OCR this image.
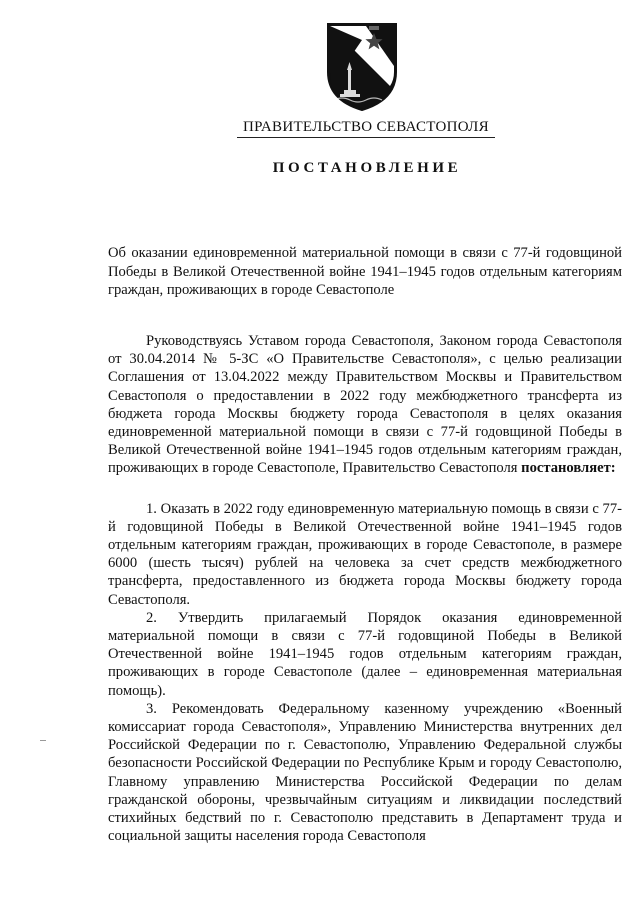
ПРАВИТЕЛЬСТВО СЕВАСТОПОЛЯ
ПОСТАНОВЛЕНИЕ
Об оказании единовременной материальной помощи в связи с 77-й годовщиной Победы в Великой Отечественной войне 1941–1945 годов отдельным категориям граждан, проживающих в городе Севастополе

Руководствуясь Уставом города Севастополя, Законом города Севастополя от 30.04.2014 № 5-ЗС «О Правительстве Севастополя», с целью реализации Соглашения от 13.04.2022 между Правительством Москвы и Правительством Севастополя о предоставлении в 2022 году межбюджетного трансферта из бюджета города Москвы бюджету города Севастополя в целях оказания единовременной материальной помощи в связи с 77-й годовщиной Победы в Великой Отечественной войне 1941–1945 годов отдельным категориям граждан, проживающих в городе Севастополе, Правительство Севастополя постановляет:

1. Оказать в 2022 году единовременную материальную помощь в связи с 77-й годовщиной Победы в Великой Отечественной войне 1941–1945 годов отдельным категориям граждан, проживающих в городе Севастополе, в размере 6000 (шесть тысяч) рублей на человека за счет средств межбюджетного трансферта, предоставленного из бюджета города Москвы бюджету города Севастополя.

2. Утвердить прилагаемый Порядок оказания единовременной материальной помощи в связи с 77-й годовщиной Победы в Великой Отечественной войне 1941–1945 годов отдельным категориям граждан, проживающих в городе Севастополе (далее – единовременная материальная помощь).

3. Рекомендовать Федеральному казенному учреждению «Военный комиссариат города Севастополя», Управлению Министерства внутренних дел Российской Федерации по г. Севастополю, Управлению Федеральной службы безопасности Российской Федерации по Республике Крым и городу Севастополю, Главному управлению Министерства Российской Федерации по делам гражданской обороны, чрезвычайным ситуациям и ликвидации последствий стихийных бедствий по г. Севастополю представить в Департамент труда и социальной защиты населения города Севастополя
